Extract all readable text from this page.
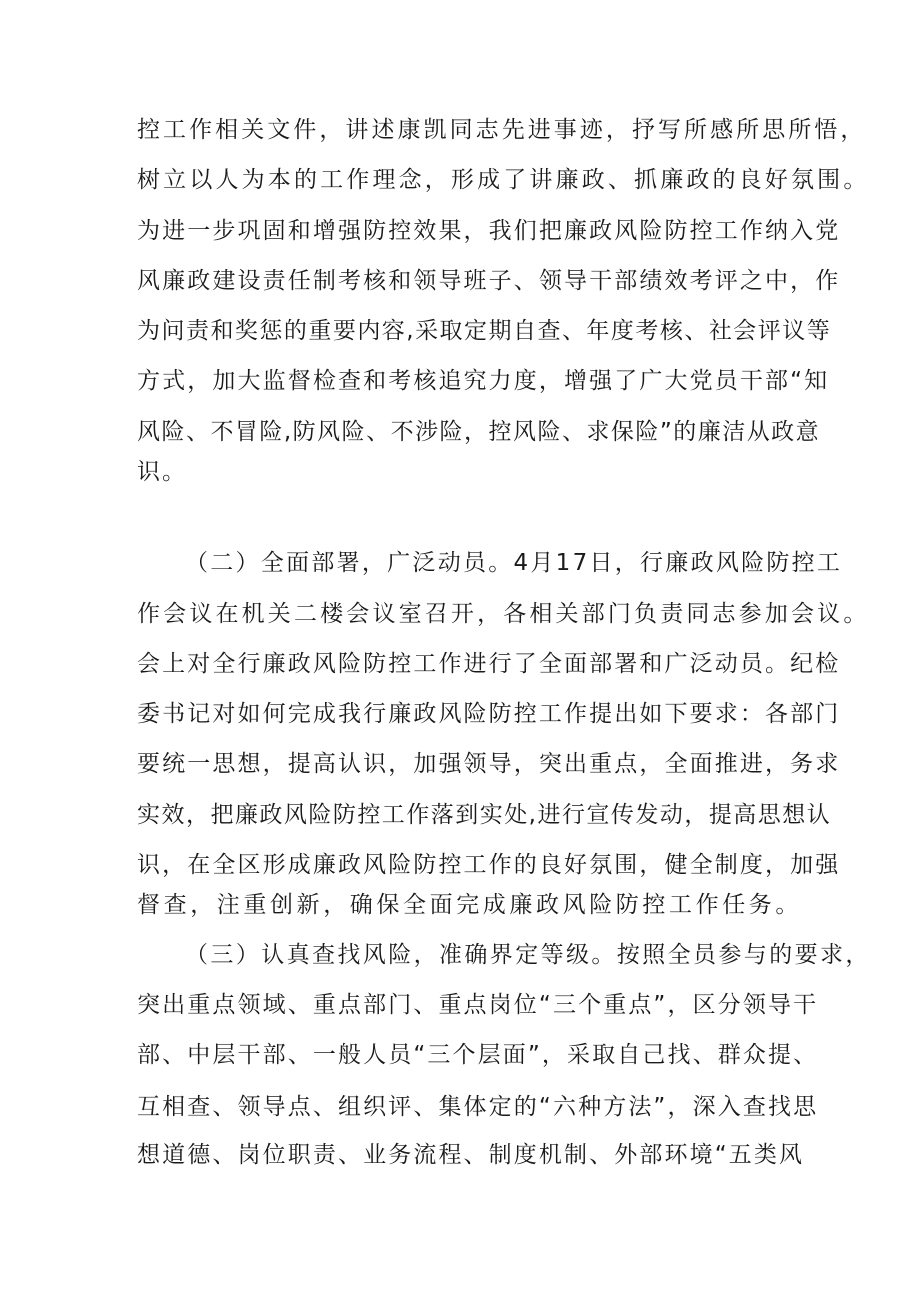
控工作相关文件，讲述康凯同志先进事迹，抒写所感所思所悟，
树立以人为本的工作理念，形成了讲廉政、抓廉政的良好氛围。
为进一步巩固和增强防控效果，我们把廉政风险防控工作纳入党
风廉政建设责任制考核和领导班子、领导干部绩效考评之中，作
为问责和奖惩的重要内容,采取定期自查、年度考核、社会评议等
方式，加大监督检查和考核追究力度，增强了广大党员干部“知
风险、不冒险,防风险、不涉险，控风险、求保险”的廉洁从政意
识。
（二）全面部署，广泛动员。4月17日，行廉政风险防控工
作会议在机关二楼会议室召开，各相关部门负责同志参加会议。
会上对全行廉政风险防控工作进行了全面部署和广泛动员。纪检
委书记对如何完成我行廉政风险防控工作提出如下要求：各部门
要统一思想，提高认识，加强领导，突出重点，全面推进，务求
实效，把廉政风险防控工作落到实处,进行宣传发动，提高思想认
识，在全区形成廉政风险防控工作的良好氛围，健全制度，加强
督查，注重创新，确保全面完成廉政风险防控工作任务。
（三）认真查找风险，准确界定等级。按照全员参与的要求，
突出重点领域、重点部门、重点岗位“三个重点”，区分领导干
部、中层干部、一般人员“三个层面”，采取自己找、群众提、
互相查、领导点、组织评、集体定的“六种方法”，深入查找思
想道德、岗位职责、业务流程、制度机制、外部环境“五类风
